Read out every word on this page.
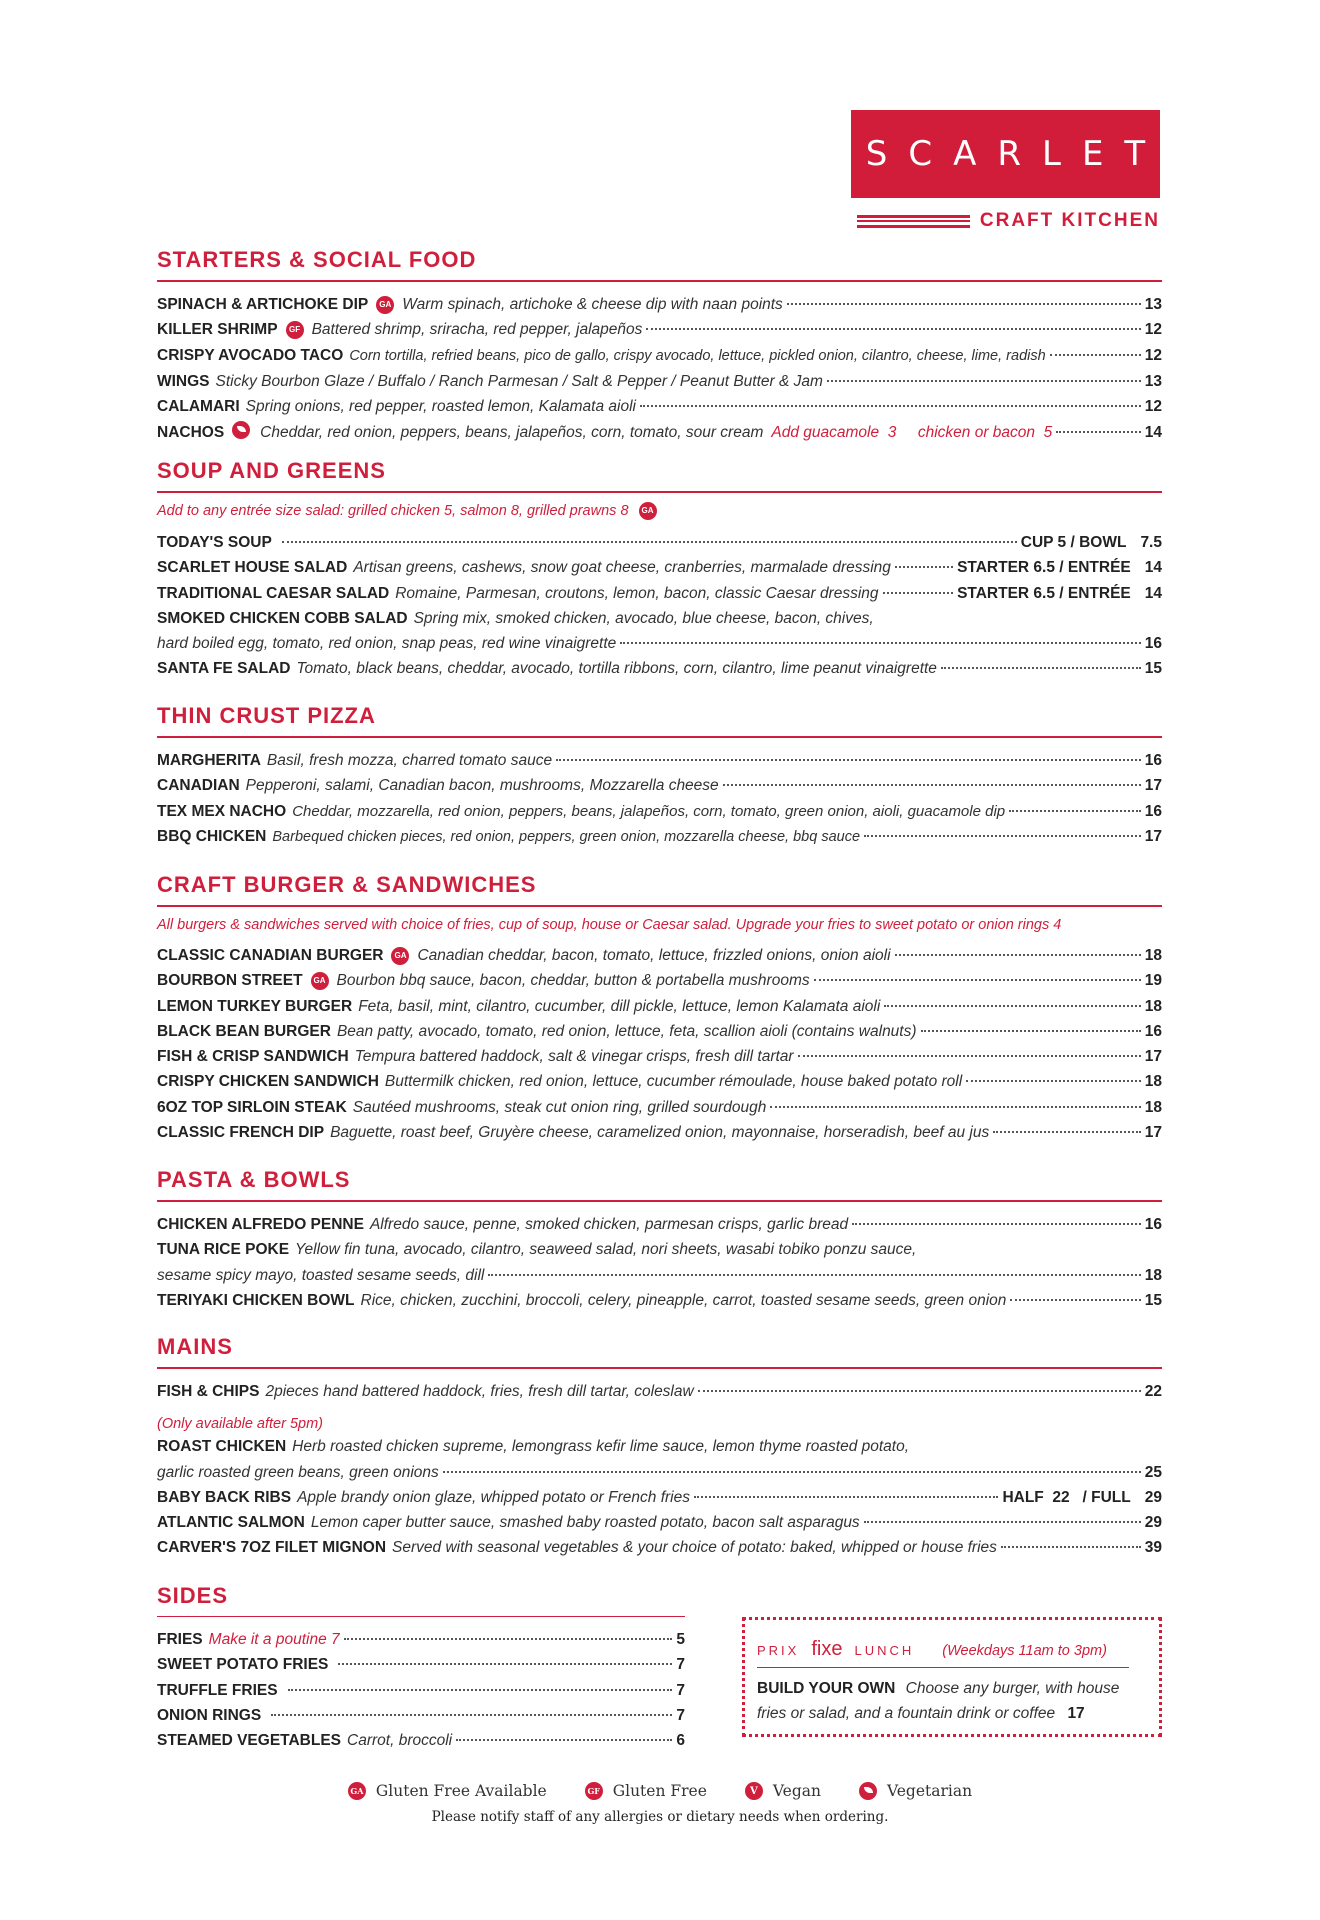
SCARLET
CRAFT KITCHEN
STARTERS & SOCIAL FOOD
SPINACH & ARTICHOKE DIP	GA Warm spinach, artichoke & cheese dip with naan points	13
KILLER SHRIMP	GF Battered shrimp, sriracha, red pepper, jalapeños	12
CRISPY AVOCADO TACO Corn tortilla, refried beans, pico de gallo, crispy avocado, lettuce, pickled onion, cilantro, cheese, lime, radish	12
WINGS Sticky Bourbon Glaze / Buffalo / Ranch Parmesan / Salt & Pepper / Peanut Butter & Jam	13
CALAMARI Spring onions, red pepper, roasted lemon, Kalamata aioli	12
NACHOS Cheddar, red onion, peppers, beans, jalapeños, corn, tomato, sour cream Add guacamole  3     chicken or bacon  5	14
SOUP AND GREENS
Add to any entrée size salad: grilled chicken 5, salmon 8, grilled prawns 8 GA
TODAY'S SOUP	CUP 5 / BOWL 7.5
SCARLET HOUSE SALAD Artisan greens, cashews, snow goat cheese, cranberries, marmalade dressing	STARTER 6.5 / ENTRÉE 14
TRADITIONAL CAESAR SALAD Romaine, Parmesan, croutons, lemon, bacon, classic Caesar dressing	STARTER 6.5 / ENTRÉE 14
SMOKED CHICKEN COBB SALAD Spring mix, smoked chicken, avocado, blue cheese, bacon, chives,
hard boiled egg, tomato, red onion, snap peas, red wine vinaigrette	16
SANTA FE SALAD Tomato, black beans, cheddar, avocado, tortilla ribbons, corn, cilantro, lime peanut vinaigrette	15
THIN CRUST PIZZA
MARGHERITA Basil, fresh mozza, charred tomato sauce	16
CANADIAN Pepperoni, salami, Canadian bacon, mushrooms, Mozzarella cheese	17
TEX MEX NACHO Cheddar, mozzarella, red onion, peppers, beans, jalapeños, corn, tomato, green onion, aioli, guacamole dip	16
BBQ CHICKEN Barbequed chicken pieces, red onion, peppers, green onion, mozzarella cheese, bbq sauce	17
CRAFT BURGER & SANDWICHES
All burgers & sandwiches served with choice of fries, cup of soup, house or Caesar salad. Upgrade your fries to sweet potato or onion rings 4
CLASSIC CANADIAN BURGER	GA Canadian cheddar, bacon, tomato, lettuce, frizzled onions, onion aioli	18
BOURBON STREET	GA Bourbon bbq sauce, bacon, cheddar, button & portabella mushrooms	19
LEMON TURKEY BURGER Feta, basil, mint, cilantro, cucumber, dill pickle, lettuce, lemon Kalamata aioli	18
BLACK BEAN BURGER Bean patty, avocado, tomato, red onion, lettuce, feta, scallion aioli (contains walnuts)	16
FISH & CRISP SANDWICH Tempura battered haddock, salt & vinegar crisps, fresh dill tartar	17
CRISPY CHICKEN SANDWICH Buttermilk chicken, red onion, lettuce, cucumber rémoulade, house baked potato roll	18
6OZ TOP SIRLOIN STEAK Sautéed mushrooms, steak cut onion ring, grilled sourdough	18
CLASSIC FRENCH DIP Baguette, roast beef, Gruyère cheese, caramelized onion, mayonnaise, horseradish, beef au jus	17
PASTA & BOWLS
CHICKEN ALFREDO PENNE Alfredo sauce, penne, smoked chicken, parmesan crisps, garlic bread	16
TUNA RICE POKE Yellow fin tuna, avocado, cilantro, seaweed salad, nori sheets, wasabi tobiko ponzu sauce,
sesame spicy mayo, toasted sesame seeds, dill	18
TERIYAKI CHICKEN BOWL Rice, chicken, zucchini, broccoli, celery, pineapple, carrot, toasted sesame seeds, green onion	15
MAINS
FISH & CHIPS 2pieces hand battered haddock, fries, fresh dill tartar, coleslaw	22
(Only available after 5pm)
ROAST CHICKEN Herb roasted chicken supreme, lemongrass kefir lime sauce, lemon thyme roasted potato,
garlic roasted green beans, green onions	25
BABY BACK RIBS Apple brandy onion glaze, whipped potato or French fries	HALF  22   / FULL 29
ATLANTIC SALMON Lemon caper butter sauce, smashed baby roasted potato, bacon salt asparagus	29
CARVER'S 7OZ FILET MIGNON Served with seasonal vegetables & your choice of potato: baked, whipped or house fries	39
SIDES
FRIES Make it a poutine 7	5
SWEET POTATO FRIES	7
TRUFFLE FRIES	7
ONION RINGS	7
STEAMED VEGETABLES Carrot, broccoli	6
PRIX fixe LUNCH (Weekdays 11am to 3pm)
BUILD YOUR OWN Choose any burger, with house
fries or salad, and a fountain drink or coffee 17
GA Gluten Free Available	GF Gluten Free	V Vegan	Vegetarian
Please notify staff of any allergies or dietary needs when ordering.
